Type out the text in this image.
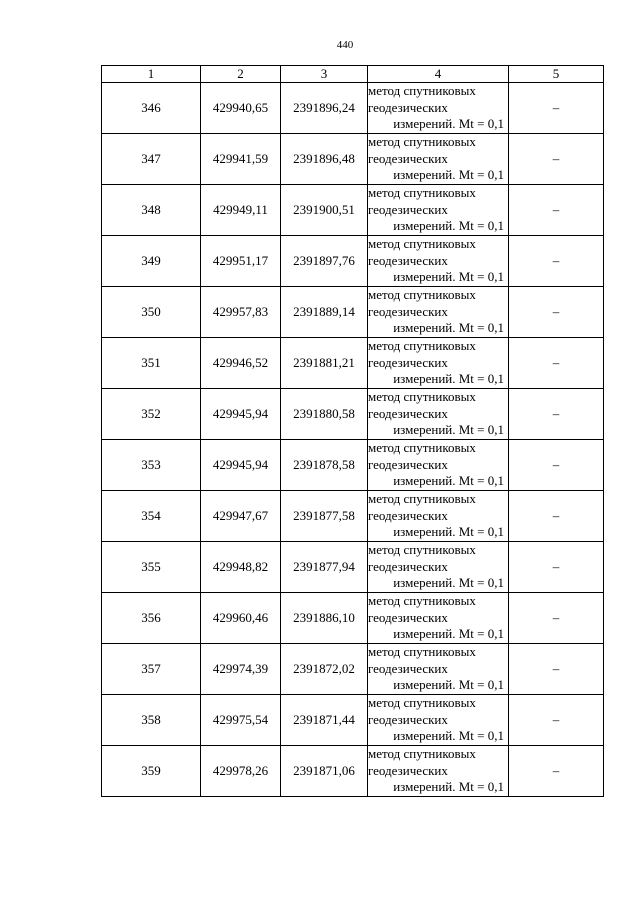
440
1	2	3	4	5
346	429940,65	2391896,24	метод спутниковых
геодезических
измерений. Mt = 0,1	–
347	429941,59	2391896,48	метод спутниковых
геодезических
измерений. Mt = 0,1	–
348	429949,11	2391900,51	метод спутниковых
геодезических
измерений. Mt = 0,1	–
349	429951,17	2391897,76	метод спутниковых
геодезических
измерений. Mt = 0,1	–
350	429957,83	2391889,14	метод спутниковых
геодезических
измерений. Mt = 0,1	–
351	429946,52	2391881,21	метод спутниковых
геодезических
измерений. Mt = 0,1	–
352	429945,94	2391880,58	метод спутниковых
геодезических
измерений. Mt = 0,1	–
353	429945,94	2391878,58	метод спутниковых
геодезических
измерений. Mt = 0,1	–
354	429947,67	2391877,58	метод спутниковых
геодезических
измерений. Mt = 0,1	–
355	429948,82	2391877,94	метод спутниковых
геодезических
измерений. Mt = 0,1	–
356	429960,46	2391886,10	метод спутниковых
геодезических
измерений. Mt = 0,1	–
357	429974,39	2391872,02	метод спутниковых
геодезических
измерений. Mt = 0,1	–
358	429975,54	2391871,44	метод спутниковых
геодезических
измерений. Mt = 0,1	–
359	429978,26	2391871,06	метод спутниковых
геодезических
измерений. Mt = 0,1	–
